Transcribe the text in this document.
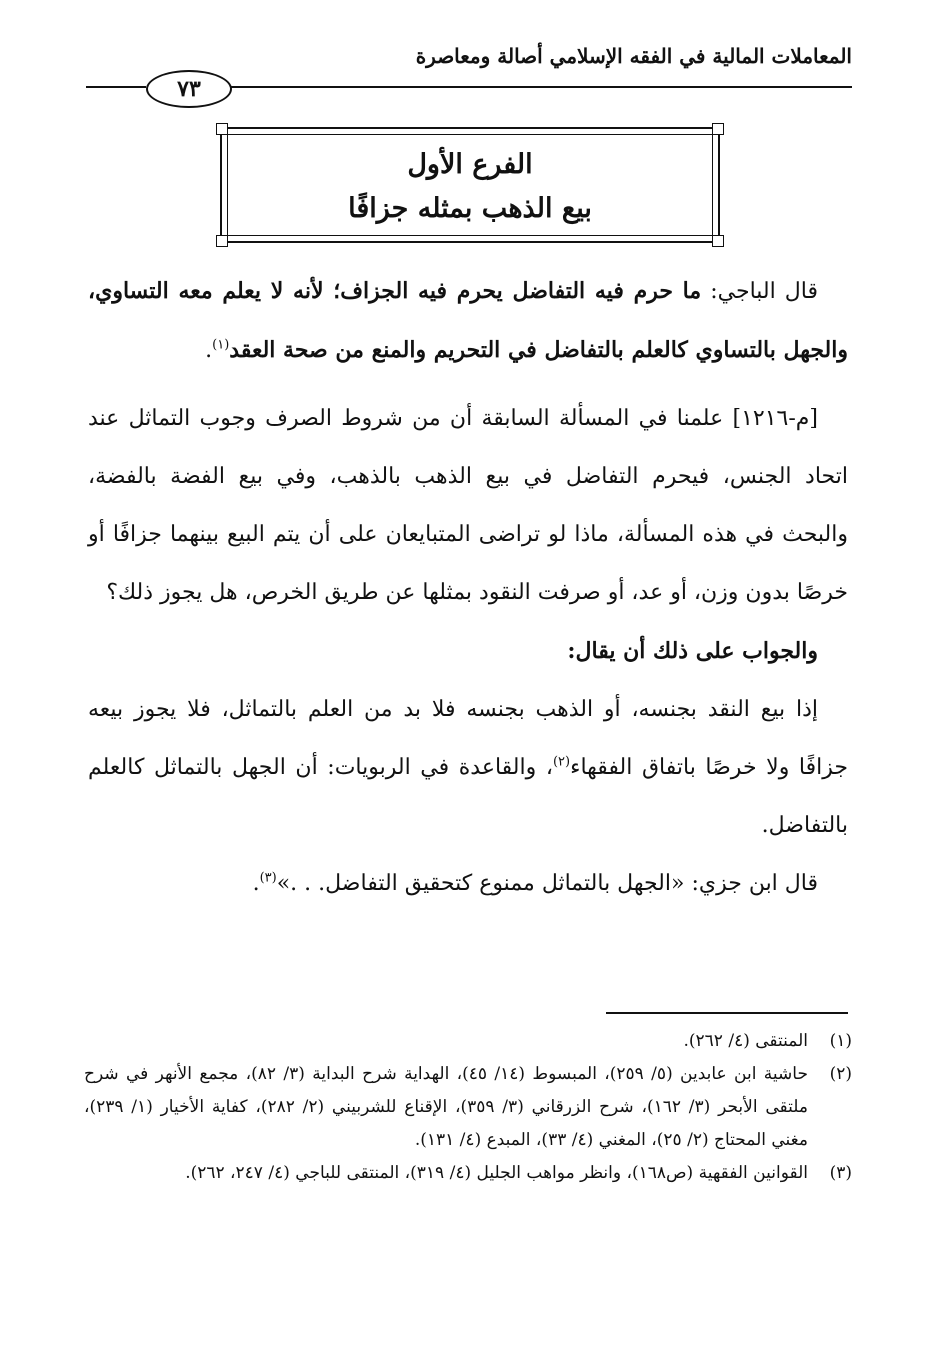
المعاملات المالية في الفقه الإسلامي أصالة ومعاصرة
٧٣
الفرع الأول
بيع الذهب بمثله جزافًا

قال الباجي: ما حرم فيه التفاضل يحرم فيه الجزاف؛ لأنه لا يعلم معه التساوي، والجهل بالتساوي كالعلم بالتفاضل في التحريم والمنع من صحة العقد$^{(١)}$.

[م-١٢١٦] علمنا في المسألة السابقة أن من شروط الصرف وجوب التماثل عند اتحاد الجنس، فيحرم التفاضل في بيع الذهب بالذهب، وفي بيع الفضة بالفضة، والبحث في هذه المسألة، ماذا لو تراضى المتبايعان على أن يتم البيع بينهما جزافًا أو خرصًا بدون وزن، أو عد، أو صرفت النقود بمثلها عن طريق الخرص، هل يجوز ذلك؟

والجواب على ذلك أن يقال:

إذا بيع النقد بجنسه، أو الذهب بجنسه فلا بد من العلم بالتماثل، فلا يجوز بيعه جزافًا ولا خرصًا باتفاق الفقهاء$^{(٢)}$، والقاعدة في الربويات: أن الجهل بالتماثل كالعلم بالتفاضل.

قال ابن جزي: «الجهل بالتماثل ممنوع كتحقيق التفاضل. . .»$^{(٣)}$.

(١)
المنتقى (٤/ ٢٦٢).
(٢)
حاشية ابن عابدين (٥/ ٢٥٩)، المبسوط (١٤/ ٤٥)، الهداية شرح البداية (٣/ ٨٢)، مجمع الأنهر في شرح ملتقى الأبحر (٣/ ١٦٢)، شرح الزرقاني (٣/ ٣٥٩)، الإقناع للشربيني (٢/ ٢٨٢)، كفاية الأخيار (١/ ٢٣٩)، مغني المحتاج (٢/ ٢٥)، المغني (٤/ ٣٣)، المبدع (٤/ ١٣١).
(٣)
القوانين الفقهية (ص١٦٨)، وانظر مواهب الجليل (٤/ ٣١٩)، المنتقى للباجي (٤/ ٢٤٧، ٢٦٢).
